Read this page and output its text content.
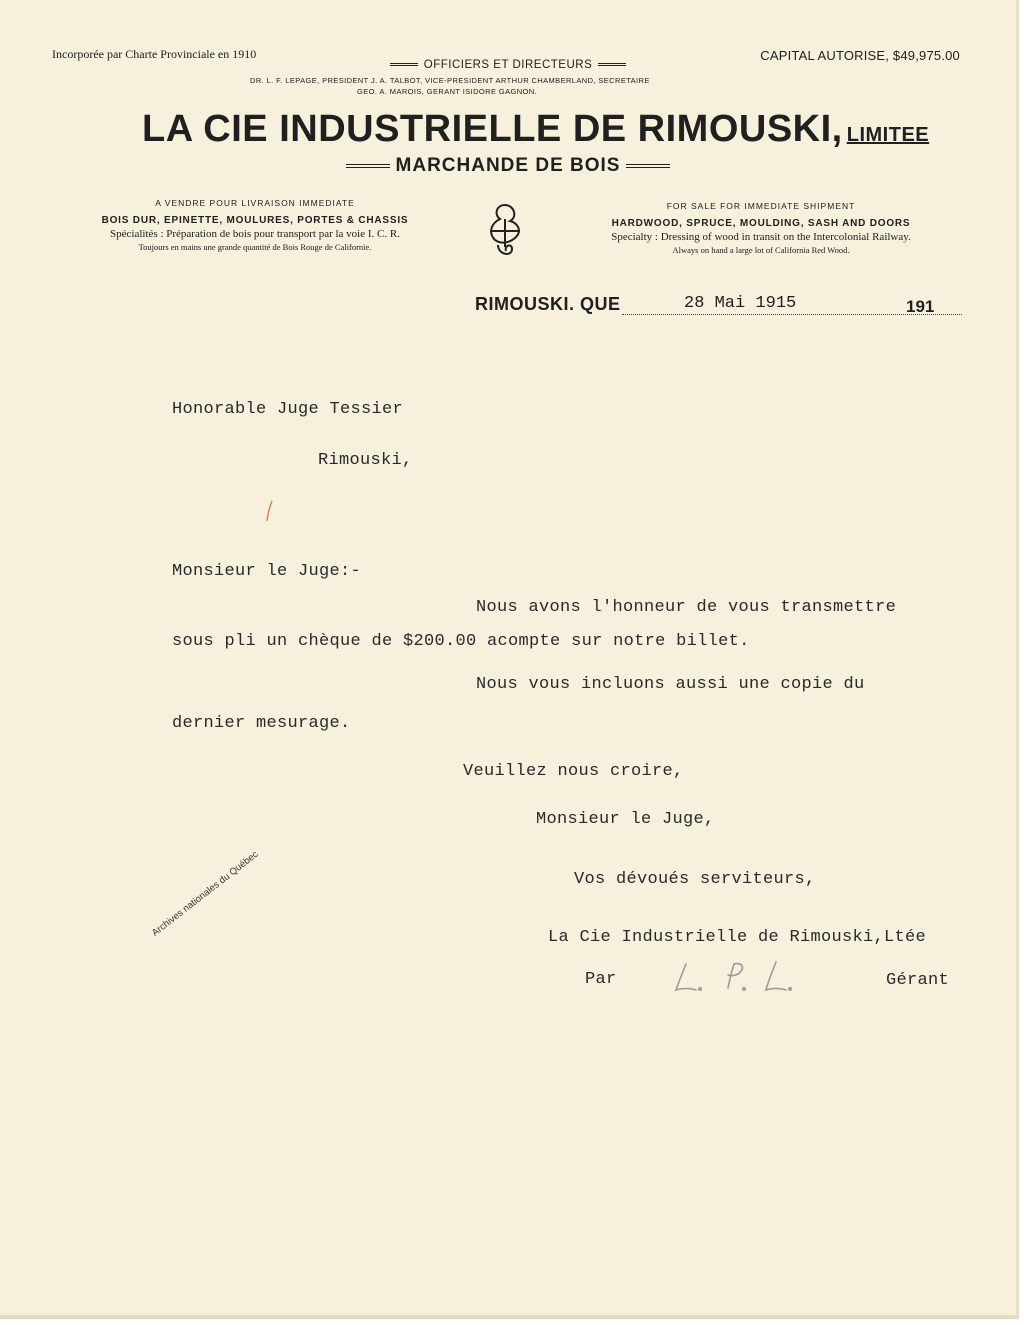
Incorporée par Charte Provinciale en 1910	CAPITAL AUTORISE, $49,975.00
OFFICIERS ET DIRECTEURS
DR. L. F. LEPAGE, PRESIDENT J. A. TALBOT, VICE-PRESIDENT ARTHUR CHAMBERLAND, SECRETAIRE
GEO. A. MAROIS, GERANT ISIDORE GAGNON.
LA CIE INDUSTRIELLE DE RIMOUSKI, LIMITEE
MARCHANDE DE BOIS
A VENDRE POUR LIVRAISON IMMEDIATE
BOIS DUR, EPINETTE, MOULURES, PORTES & CHASSIS
Spécialités : Préparation de bois pour transport par la voie I. C. R.
Toujours en mains une grande quantité de Bois Rouge de Californie.
FOR SALE FOR IMMEDIATE SHIPMENT
HARDWOOD, SPRUCE, MOULDING, SASH AND DOORS
Specialty : Dressing of wood in transit on the Intercolonial Railway.
Always on hand a large lot of California Red Wood.
RIMOUSKI. QUE	28 Mai 1915	191
Honorable Juge Tessier
Rimouski,
Monsieur le Juge:-
Nous avons l'honneur de vous transmettre
sous pli un chèque de $200.00 acompte sur notre billet.
Nous vous incluons aussi une copie du
dernier mesurage.
Veuillez nous croire,
Monsieur le Juge,
Vos dévoués serviteurs,
La Cie Industrielle de Rimouski,Ltée
Par	Gérant
Archives nationales du Québec
